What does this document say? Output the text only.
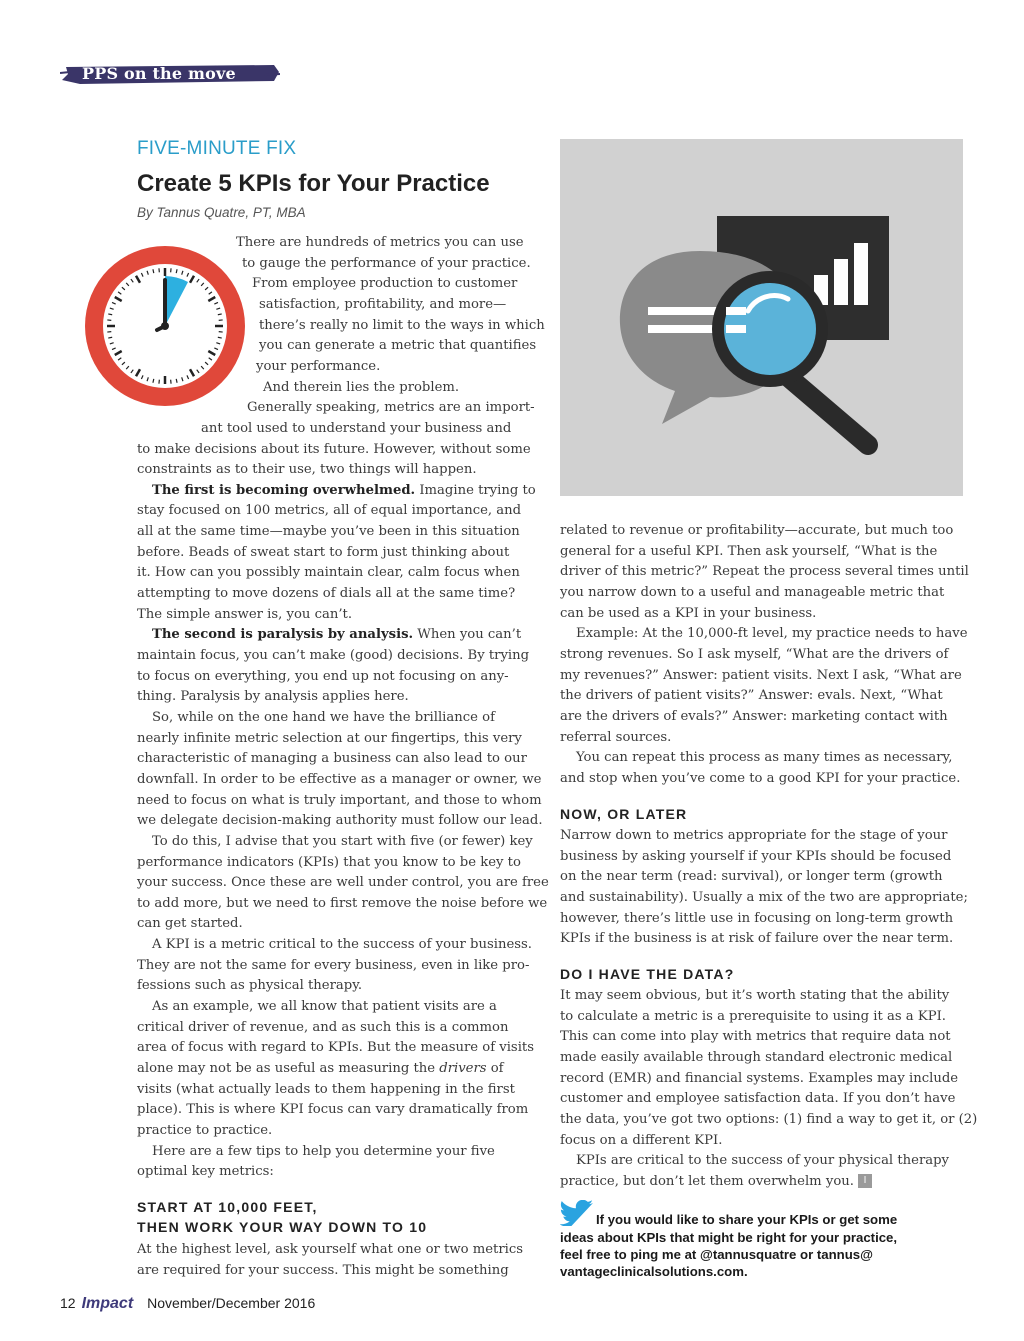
PPS on the move
FIVE-MINUTE FIX
Create 5 KPIs for Your Practice
By Tannus Quatre, PT, MBA
There are hundreds of metrics you can use
to gauge the performance of your practice.
From employee production to customer
satisfaction, profitability, and more—
there’s really no limit to the ways in which
you can generate a metric that quantifies
your performance.
And therein lies the problem.
Generally speaking, metrics are an import-
ant tool used to understand your business and
to make decisions about its future. However, without some
constraints as to their use, two things will happen.
The first is becoming overwhelmed. Imagine trying to
stay focused on 100 metrics, all of equal importance, and
all at the same time—maybe you’ve been in this situation
before. Beads of sweat start to form just thinking about
it. How can you possibly maintain clear, calm focus when
attempting to move dozens of dials all at the same time?
The simple answer is, you can’t.
The second is paralysis by analysis. When you can’t
maintain focus, you can’t make (good) decisions. By trying
to focus on everything, you end up not focusing on any-
thing. Paralysis by analysis applies here.
So, while on the one hand we have the brilliance of
nearly infinite metric selection at our fingertips, this very
characteristic of managing a business can also lead to our
downfall. In order to be effective as a manager or owner, we
need to focus on what is truly important, and those to whom
we delegate decision-making authority must follow our lead.
To do this, I advise that you start with five (or fewer) key
performance indicators (KPIs) that you know to be key to
your success. Once these are well under control, you are free
to add more, but we need to first remove the noise before we
can get started.
A KPI is a metric critical to the success of your business.
They are not the same for every business, even in like pro-
fessions such as physical therapy.
As an example, we all know that patient visits are a
critical driver of revenue, and as such this is a common
area of focus with regard to KPIs. But the measure of visits
alone may not be as useful as measuring the drivers of
visits (what actually leads to them happening in the first
place). This is where KPI focus can vary dramatically from
practice to practice.
Here are a few tips to help you determine your five
optimal key metrics:
START AT 10,000 FEET,
THEN WORK YOUR WAY DOWN TO 10
At the highest level, ask yourself what one or two metrics
are required for your success. This might be something
related to revenue or profitability—accurate, but much too
general for a useful KPI. Then ask yourself, “What is the
driver of this metric?” Repeat the process several times until
you narrow down to a useful and manageable metric that
can be used as a KPI in your business.
Example: At the 10,000-ft level, my practice needs to have
strong revenues. So I ask myself, “What are the drivers of
my revenues?” Answer: patient visits. Next I ask, “What are
the drivers of patient visits?” Answer: evals. Next, “What
are the drivers of evals?” Answer: marketing contact with
referral sources.
You can repeat this process as many times as necessary,
and stop when you’ve come to a good KPI for your practice.
NOW, OR LATER
Narrow down to metrics appropriate for the stage of your
business by asking yourself if your KPIs should be focused
on the near term (read: survival), or longer term (growth
and sustainability). Usually a mix of the two are appropriate;
however, there’s little use in focusing on long-term growth
KPIs if the business is at risk of failure over the near term.
DO I HAVE THE DATA?
It may seem obvious, but it’s worth stating that the ability
to calculate a metric is a prerequisite to using it as a KPI.
This can come into play with metrics that require data not
made easily available through standard electronic medical
record (EMR) and financial systems. Examples may include
customer and employee satisfaction data. If you don’t have
the data, you’ve got two options: (1) find a way to get it, or (2)
focus on a different KPI.
KPIs are critical to the success of your physical therapy
practice, but don’t let them overwhelm you. I
If you would like to share your KPIs or get some
ideas about KPIs that might be right for your practice,
feel free to ping me at @tannusquatre or tannus@
vantageclinicalsolutions.com.
12 Impact November/December 2016
